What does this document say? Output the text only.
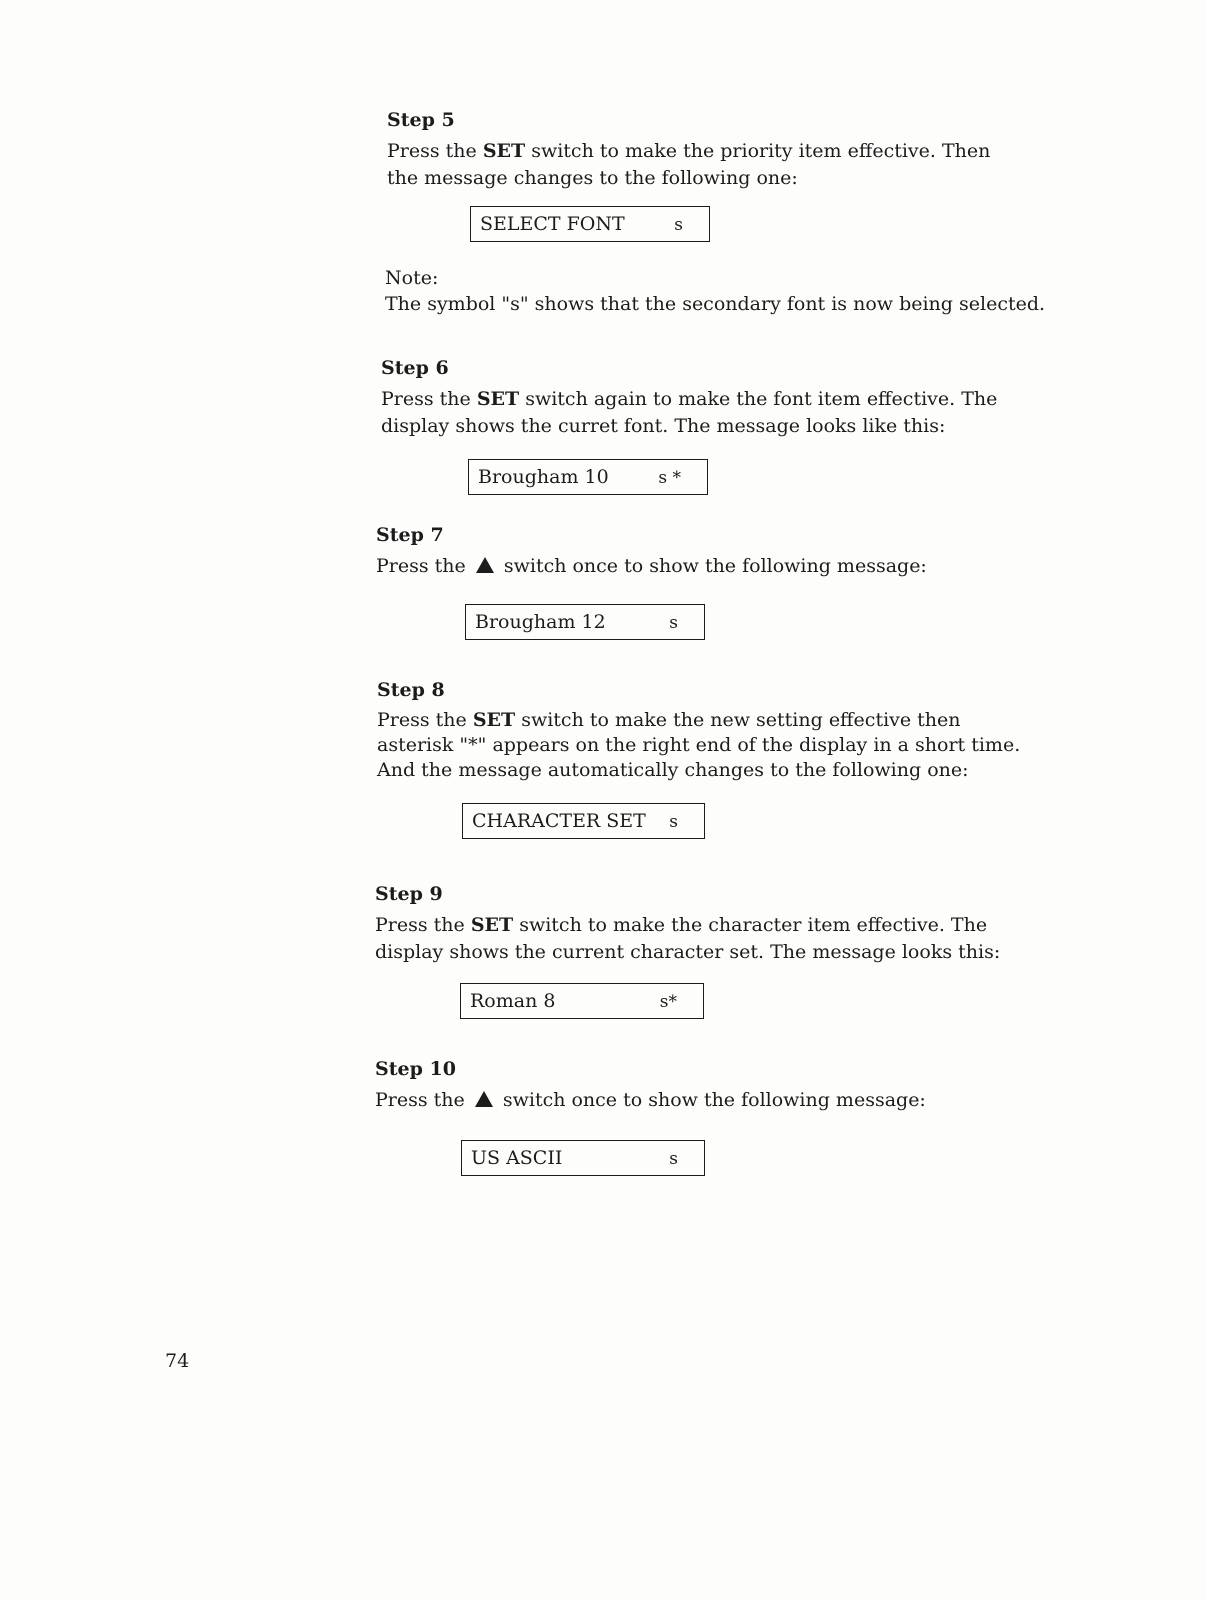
Step 5

Press the SET switch to make the priority item effective. Then the message changes to the following one:

SELECT FONT	s

Note:

The symbol "s" shows that the secondary font is now being selected.

Step 6

Press the SET switch again to make the font item effective. The display shows the curret font. The message looks like this:

Brougham 10	s *

Step 7

Press the  switch once to show the following message:

Brougham 12	s

Step 8

Press the SET switch to make the new setting effective then asterisk "*" appears on the right end of the display in a short time. And the message automatically changes to the following one:

CHARACTER SET s

Step 9

Press the SET switch to make the character item effective. The display shows the current character set. The message looks this:

Roman 8	s*

Step 10

Press the  switch once to show the following message:

US ASCII	s
74
